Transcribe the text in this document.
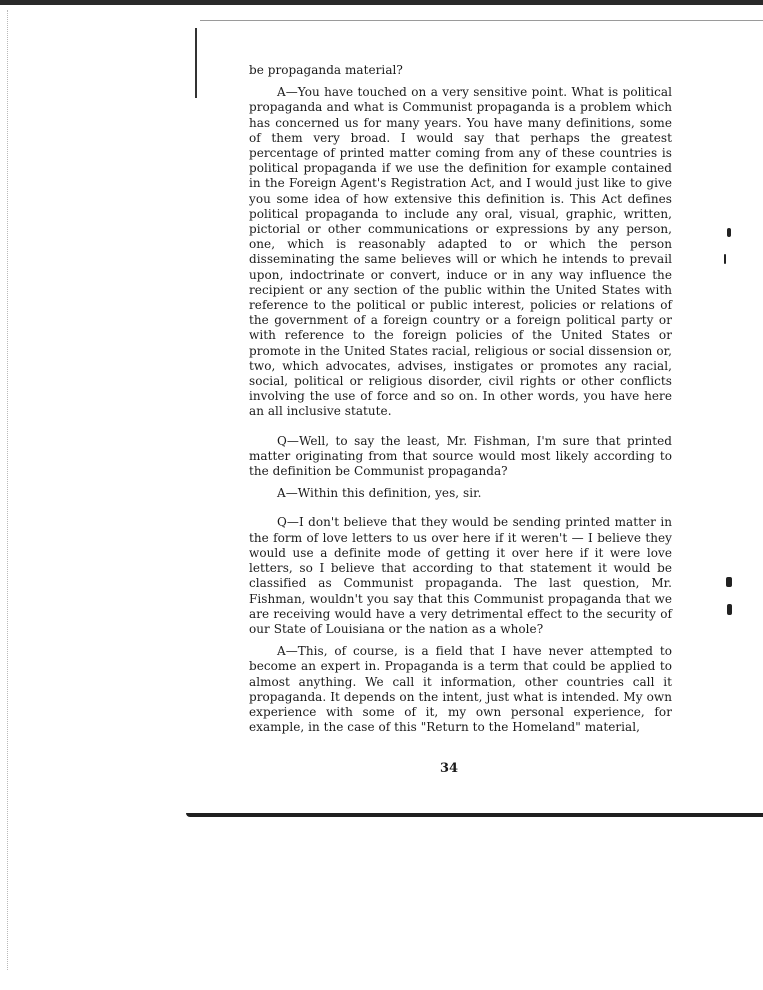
be propaganda material?

A—You have touched on a very sensitive point. What is political propaganda and what is Communist propaganda is a problem which has concerned us for many years. You have many definitions, some of them very broad. I would say that perhaps the greatest percentage of printed matter coming from any of these countries is political propaganda if we use the definition for example contained in the Foreign Agent's Registration Act, and I would just like to give you some idea of how extensive this definition is. This Act defines political propaganda to include any oral, visual, graphic, written, pictorial or other communications or expressions by any person, one, which is reasonably adapted to or which the person disseminating the same believes will or which he intends to prevail upon, indoctrinate or convert, induce or in any way influence the recipient or any section of the public within the United States with reference to the political or public interest, policies or relations of the government of a foreign country or a foreign political party or with reference to the foreign policies of the United States or promote in the United States racial, religious or social dissension or, two, which advocates, advises, instigates or promotes any racial, social, political or religious disorder, civil rights or other conflicts involving the use of force and so on. In other words, you have here an all inclusive statute.

Q—Well, to say the least, Mr. Fishman, I'm sure that printed matter originating from that source would most likely according to the definition be Communist propaganda?

A—Within this definition, yes, sir.

Q—I don't believe that they would be sending printed matter in the form of love letters to us over here if it weren't — I believe they would use a definite mode of getting it over here if it were love letters, so I believe that according to that statement it would be classified as Communist propaganda. The last question, Mr. Fishman, wouldn't you say that this Communist propaganda that we are receiving would have a very detrimental effect to the security of our State of Louisiana or the nation as a whole?

A—This, of course, is a field that I have never attempted to become an expert in. Propaganda is a term that could be applied to almost anything. We call it information, other countries call it propaganda. It depends on the intent, just what is intended. My own experience with some of it, my own personal experience, for example, in the case of this "Return to the Homeland" material,

34
